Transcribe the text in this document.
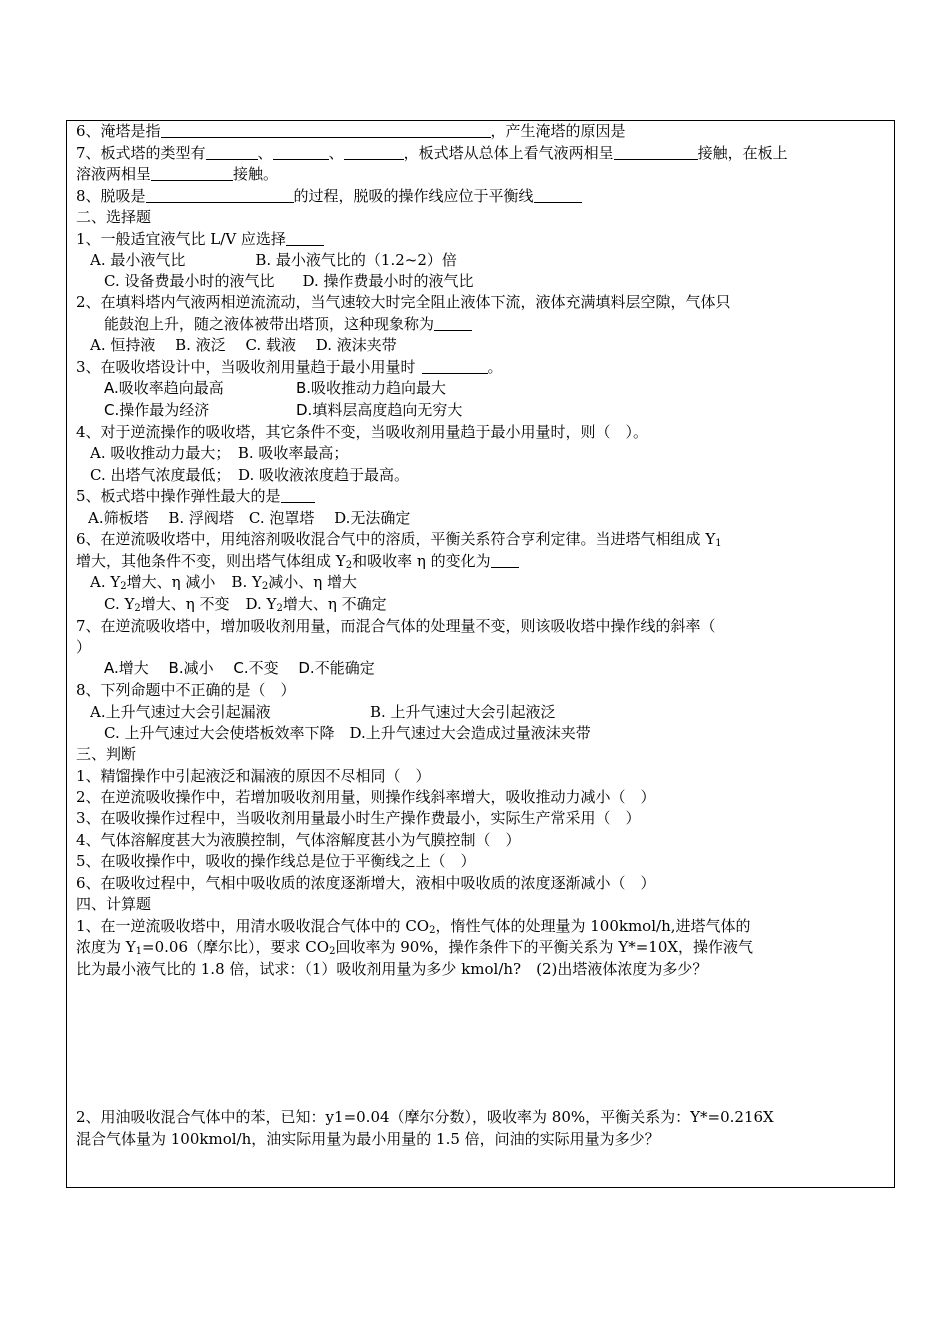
6、淹塔是指	，产生淹塔的原因是
7、板式塔的类型有	、	、	，板式塔从总体上看气液两相呈	接触，在板上
溶液两相呈	接触。
8、脱吸是	的过程，脱吸的操作线应位于平衡线
二、选择题
1、一般适宜液气比 L/V 应选择
A. 最小液气比	B. 最小液气比的（1.2~2）倍
C. 设备费最小时的液气比 D. 操作费最小时的液气比
2、在填料塔内气液两相逆流流动，当气速较大时完全阻止液体下流，液体充满填料层空隙，气体只
能鼓泡上升，随之液体被带出塔顶，这种现象称为
A. 恒持液　 B. 液泛　 C. 载液　 D. 液沫夹带
3、在吸收塔设计中，当吸收剂用量趋于最小用量时	。
A.吸收率趋向最高	B.吸收推动力趋向最大
C.操作最为经济	D.填料层高度趋向无穷大
4、对于逆流操作的吸收塔，其它条件不变，当吸收剂用量趋于最小用量时，则（　）。
A. 吸收推动力最大；　B. 吸收率最高；
C. 出塔气浓度最低；　D. 吸收液浓度趋于最高。
5、板式塔中操作弹性最大的是
A.筛板塔　 B. 浮阀塔　C. 泡罩塔　 D.无法确定
6、在逆流吸收塔中，用纯溶剂吸收混合气中的溶质，平衡关系符合亨利定律。当进塔气相组成 $Y_1$
增大，其他条件不变，则出塔气体组成 $Y_2$和吸收率 η 的变化为
A. $Y_2$增大、η 减小 B. $Y_2$减小、η 增大
C. $Y_2$增大、η 不变 D. $Y_2$增大、η 不确定
7、在逆流吸收塔中，增加吸收剂用量，而混合气体的处理量不变，则该吸收塔中操作线的斜率（
）
A.增大　 B.减小　 C.不变　 D.不能确定
8、下列命题中不正确的是（　）
A.上升气速过大会引起漏液	B. 上升气速过大会引起液泛
C. 上升气速过大会使塔板效率下降　D.上升气速过大会造成过量液沫夹带
三、判断
1、精馏操作中引起液泛和漏液的原因不尽相同（　）
2、在逆流吸收操作中，若增加吸收剂用量，则操作线斜率增大，吸收推动力减小（　）
3、在吸收操作过程中，当吸收剂用量最小时生产操作费最小，实际生产常采用（　）
4、气体溶解度甚大为液膜控制，气体溶解度甚小为气膜控制（　）
5、在吸收操作中，吸收的操作线总是位于平衡线之上（　）
6、在吸收过程中，气相中吸收质的浓度逐渐增大，液相中吸收质的浓度逐渐减小（　）
四、计算题
1、在一逆流吸收塔中，用清水吸收混合气体中的 $CO_2$，惰性气体的处理量为 100kmol/h,进塔气体的
浓度为 $Y_1=0.06$（摩尔比），要求 $CO_2$回收率为 90%，操作条件下的平衡关系为 Y*=10X，操作液气
比为最小液气比的 1.8 倍，试求：（1）吸收剂用量为多少 kmol/h?　(2)出塔液体浓度为多少？
2、用油吸收混合气体中的苯，已知：y1=0.04（摩尔分数），吸收率为 80%，平衡关系为：Y*=0.216X
混合气体量为 100kmol/h，油实际用量为最小用量的 1.5 倍，问油的实际用量为多少？
